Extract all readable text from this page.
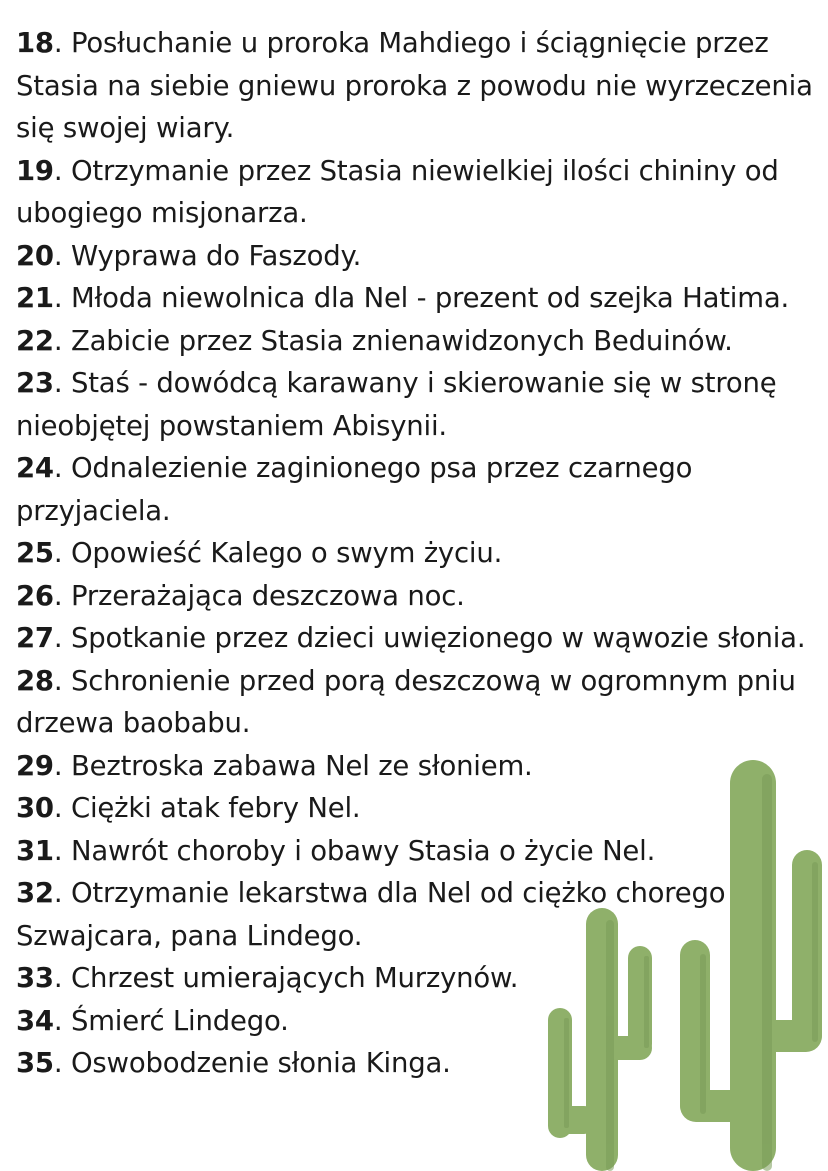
18. Posłuchanie u proroka Mahdiego i ściągnięcie przez Stasia na siebie gniewu proroka z powodu nie wyrzeczenia się swojej wiary.

19. Otrzymanie przez Stasia niewielkiej ilości chininy od ubogiego misjonarza.

20. Wyprawa do Faszody.

21. Młoda niewolnica dla Nel - prezent od szejka Hatima.

22. Zabicie przez Stasia znienawidzonych Beduinów.

23. Staś - dowódcą karawany i skierowanie się w stronę nieobjętej powstaniem Abisynii.

24. Odnalezienie zaginionego psa przez czarnego przyjaciela.

25. Opowieść Kalego o swym życiu.

26. Przerażająca deszczowa noc.

27. Spotkanie przez dzieci uwięzionego w wąwozie słonia.

28. Schronienie przed porą deszczową w ogromnym pniu drzewa baobabu.

29. Beztroska zabawa Nel ze słoniem.

30. Ciężki atak febry Nel.

31. Nawrót choroby i obawy Stasia o życie Nel.

32. Otrzymanie lekarstwa dla Nel od ciężko chorego Szwajcara, pana Lindego.

33. Chrzest umierających Murzynów.

34. Śmierć Lindego.

35. Oswobodzenie słonia Kinga.
